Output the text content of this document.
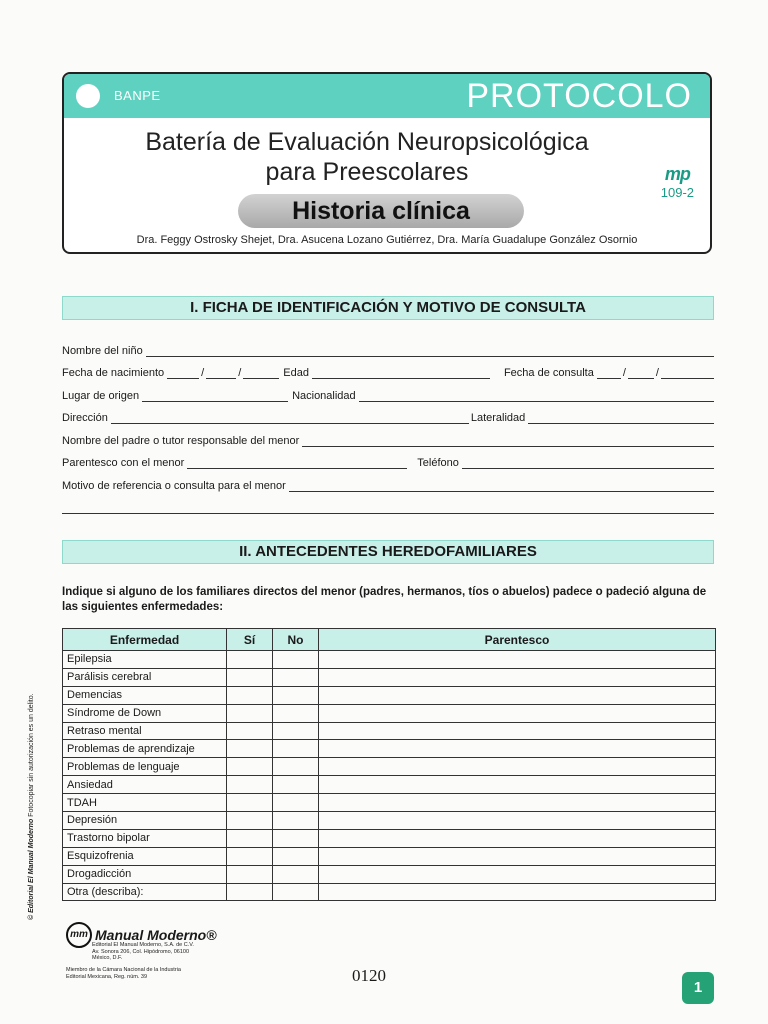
BANPE	PROTOCOLO
Batería de Evaluación Neuropsicológica
para Preescolares
Historia clínica
mp
109-2
Dra. Feggy Ostrosky Shejet, Dra. Asucena Lozano Gutiérrez, Dra. María Guadalupe González Osornio
I. FICHA DE IDENTIFICACIÓN Y MOTIVO DE CONSULTA
Nombre del niño
Fecha de nacimiento	/	/	Edad	Fecha de consulta	/	/
Lugar de origen	Nacionalidad
Dirección	Lateralidad
Nombre del padre o tutor responsable del menor
Parentesco con el menor	Teléfono
Motivo de referencia o consulta para el menor
II. ANTECEDENTES HEREDOFAMILIARES
Indique si alguno de los familiares directos del menor (padres, hermanos, tíos o abuelos) padece o padeció alguna de las siguientes enfermedades:
Enfermedad	Sí	No	Parentesco
Epilepsia			
Parálisis cerebral			
Demencias			
Síndrome de Down			
Retraso mental			
Problemas de aprendizaje			
Problemas de lenguaje			
Ansiedad			
TDAH			
Depresión			
Trastorno bipolar			
Esquizofrenia			
Drogadicción			
Otra (describa):			
© Editorial El Manual Moderno Fotocopiar sin autorización es un delito.
mm Manual Moderno®
Editorial El Manual Moderno, S.A. de C.V.
Av. Sonora 206, Col. Hipódromo, 06100
México, D.F.
Miembro de la Cámara Nacional de la Industria
Editorial Mexicana, Reg. núm. 39	0120
1
